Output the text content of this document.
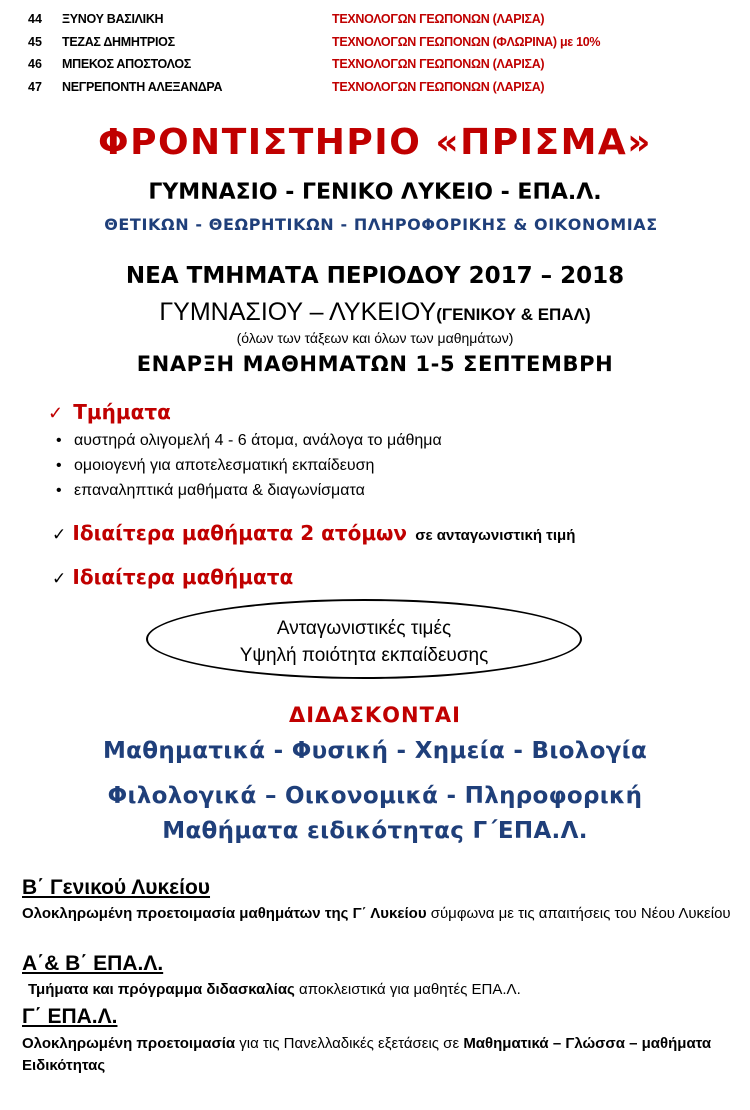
44 ΞΥΝΟΥ ΒΑΣΙΛΙΚΗ	ΤΕΧΝΟΛΟΓΩΝ ΓΕΩΠΟΝΩΝ (ΛΑΡΙΣΑ)
45 ΤΕΖΑΣ ΔΗΜΗΤΡΙΟΣ	ΤΕΧΝΟΛΟΓΩΝ ΓΕΩΠΟΝΩΝ (ΦΛΩΡΙΝΑ) με 10%
46 ΜΠΕΚΟΣ ΑΠΟΣΤΟΛΟΣ	ΤΕΧΝΟΛΟΓΩΝ ΓΕΩΠΟΝΩΝ (ΛΑΡΙΣΑ)
47 ΝΕΓΡΕΠΟΝΤΗ ΑΛΕΞΑΝΔΡΑ	ΤΕΧΝΟΛΟΓΩΝ ΓΕΩΠΟΝΩΝ (ΛΑΡΙΣΑ)
ΦΡΟΝΤΙΣΤΗΡΙΟ «ΠΡΙΣΜΑ»
ΓΥΜΝΑΣΙΟ - ΓΕΝΙΚΟ ΛΥΚΕΙΟ - ΕΠΑ.Λ.
ΘΕΤΙΚΩΝ - ΘΕΩΡΗΤΙΚΩΝ - ΠΛΗΡΟΦΟΡΙΚΗΣ & ΟΙΚΟΝΟΜΙΑΣ
ΝΕΑ ΤΜΗΜΑΤΑ ΠΕΡΙΟΔΟΥ 2017 – 2018
ΓΥΜΝΑΣΙΟΥ – ΛΥΚΕΙΟΥ(ΓΕΝΙΚΟΥ & ΕΠΑΛ)
(όλων των τάξεων και όλων των μαθημάτων)
ΕΝΑΡΞΗ ΜΑΘΗΜΑΤΩΝ 1-5 ΣΕΠΤΕΜΒΡΗ
✓ Τμήματα
• αυστηρά ολιγομελή 4 - 6 άτομα, ανάλογα το μάθημα
• ομοιογενή για αποτελεσματική εκπαίδευση
• επαναληπτικά μαθήματα & διαγωνίσματα
✓ Ιδιαίτερα μαθήματα 2 ατόμων σε ανταγωνιστική τιμή
✓ Ιδιαίτερα μαθήματα
Ανταγωνιστικές τιμές
Υψηλή ποιότητα εκπαίδευσης
ΔΙΔΑΣΚΟΝΤΑΙ
Μαθηματικά - Φυσική - Χημεία - Βιολογία
Φιλολογικά – Οικονομικά - Πληροφορική
Μαθήματα ειδικότητας Γ΄ΕΠΑ.Λ.
Β΄ Γενικού Λυκείου
Ολοκληρωμένη προετοιμασία μαθημάτων της Γ΄ Λυκείου σύμφωνα με τις απαιτήσεις του Νέου Λυκείου
Α΄& Β΄ ΕΠΑ.Λ.
Τμήματα και πρόγραμμα διδασκαλίας αποκλειστικά για μαθητές ΕΠΑ.Λ.
Γ΄ ΕΠΑ.Λ.
Ολοκληρωμένη προετοιμασία για τις Πανελλαδικές εξετάσεις σε Μαθηματικά – Γλώσσα – μαθήματα Ειδικότητας
